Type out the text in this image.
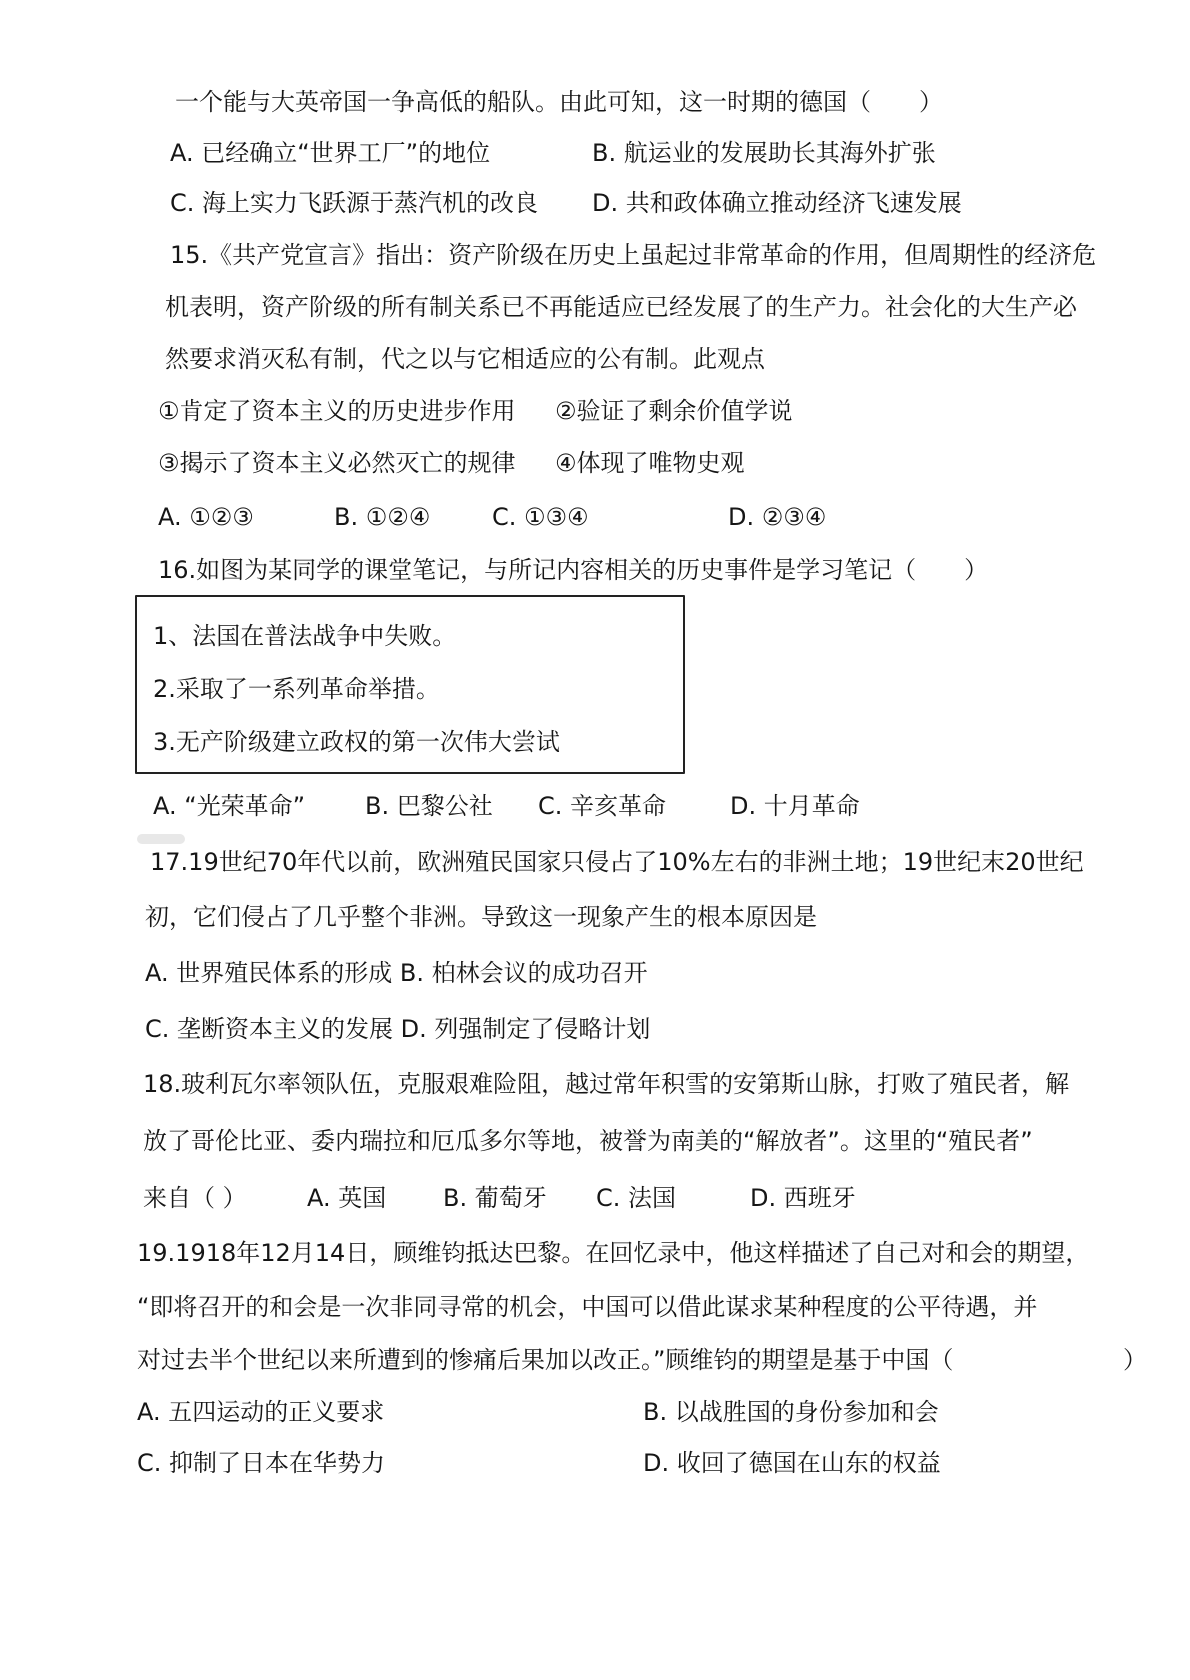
一个能与大英帝国一争高低的船队。由此可知，这一时期的德国（　　）
A. 已经确立“世界工厂”的地位	B. 航运业的发展助长其海外扩张
C. 海上实力飞跃源于蒸汽机的改良 D. 共和政体确立推动经济飞速发展
15.《共产党宣言》指出：资产阶级在历史上虽起过非常革命的作用，但周期性的经济危
机表明，资产阶级的所有制关系已不再能适应已经发展了的生产力。社会化的大生产必
然要求消灭私有制，代之以与它相适应的公有制。此观点
①肯定了资本主义的历史进步作用 ②验证了剩余价值学说
③揭示了资本主义必然灭亡的规律 ④体现了唯物史观
A. ①②③	B. ①②④	C. ①③④	D. ②③④
16.如图为某同学的课堂笔记，与所记内容相关的历史事件是学习笔记（　　）
1、法国在普法战争中失败。
2.采取了一系列革命举措。
3.无产阶级建立政权的第一次伟大尝试
A. “光荣革命” B. 巴黎公社 C. 辛亥革命	D. 十月革命
17.19世纪70年代以前，欧洲殖民国家只侵占了10%左右的非洲土地；19世纪末20世纪
初，它们侵占了几乎整个非洲。导致这一现象产生的根本原因是
A. 世界殖民体系的形成 B. 柏林会议的成功召开
C. 垄断资本主义的发展 D. 列强制定了侵略计划
18.玻利瓦尔率领队伍，克服艰难险阻，越过常年积雪的安第斯山脉，打败了殖民者，解
放了哥伦比亚、委内瑞拉和厄瓜多尔等地，被誉为南美的“解放者”。这里的“殖民者”
来自（ ）	A. 英国 B. 葡萄牙 C. 法国	D. 西班牙
19.1918年12月14日，顾维钧抵达巴黎。在回忆录中，他这样描述了自己对和会的期望，
“即将召开的和会是一次非同寻常的机会，中国可以借此谋求某种程度的公平待遇，并
对过去半个世纪以来所遭到的惨痛后果加以改正。”顾维钧的期望是基于中国（	）
A. 五四运动的正义要求	B. 以战胜国的身份参加和会
C. 抑制了日本在华势力	D. 收回了德国在山东的权益
